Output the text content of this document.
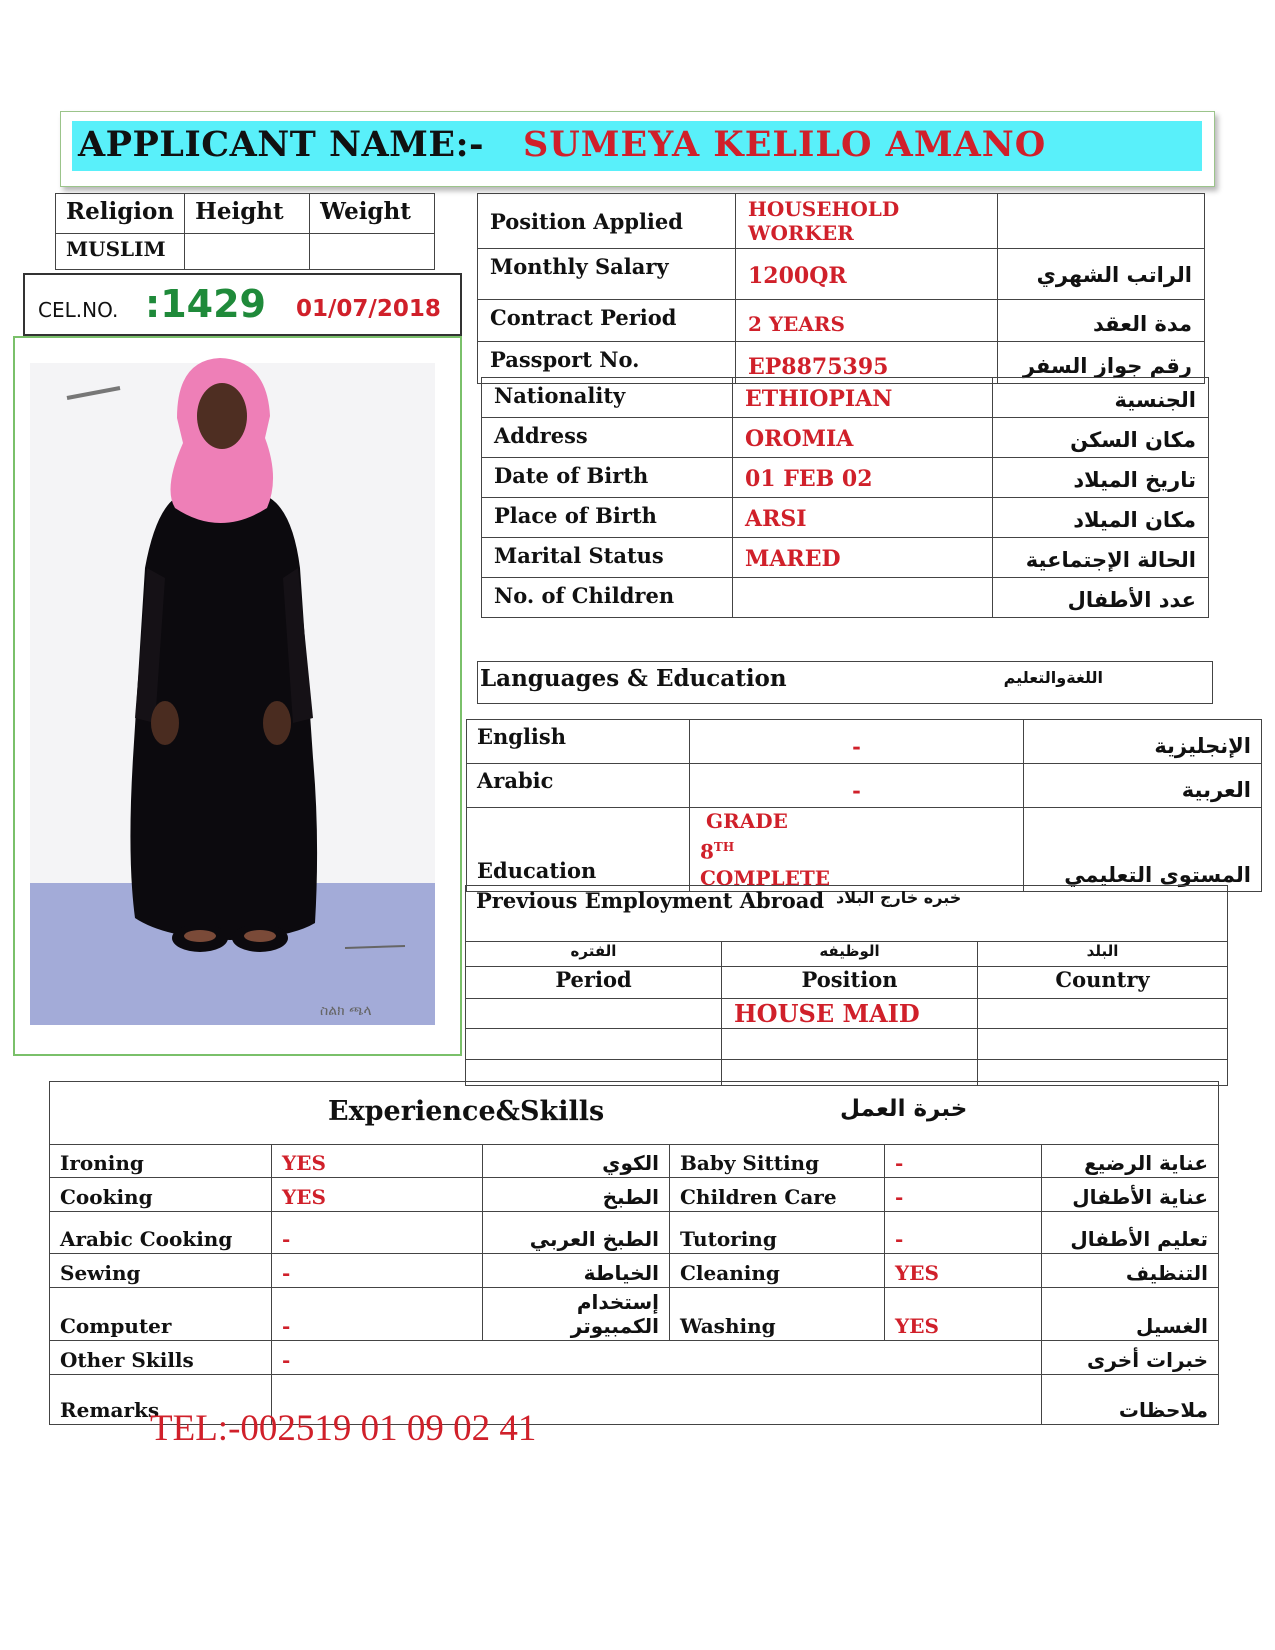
APPLICANT NAME:- SUMEYA KELILO AMANO
Religion	Height	Weight
MUSLIM		
CEL.NO. :1429 01/07/2018
ስልክ ጫላ
Position Applied	HOUSEHOLD WORKER	
Monthly Salary	1200QR	الراتب الشهري
Contract Period	2 YEARS	مدة العقد
Passport No.	EP8875395	رقم جواز السفر
Nationality	ETHIOPIAN	الجنسية
Address	OROMIA	مكان السكن
Date of Birth	01 FEB 02	تاريخ الميلاد
Place of Birth	ARSI	مكان الميلاد
Marital Status	MARED	الحالة الإجتماعية
No. of Children		عدد الأطفال
Languages & Education	اللغةوالتعليم
English	-	الإنجليزية
Arabic	-	العربية
Education	GRADE
8TH
COMPLETE	المستوى التعليمي
Previous Employment Abroad خبره خارج البلاد
الفتره	الوظيفه	البلد
Period	Position	Country
	HOUSE MAID	

Experience&Skills	خبرة العمل
Ironing	YES	الكوي	Baby Sitting	-	عناية الرضيع
Cooking	YES	الطبخ	Children Care	-	عناية الأطفال
Arabic Cooking	-	الطبخ العربي	Tutoring	-	تعليم الأطفال
Sewing	-	الخياطة	Cleaning	YES	التنظيف
Computer	-	إستخدام الكمبيوتر	Washing	YES	الغسيل
Other Skills	-				خبرات أخرى
Remarks					ملاحظات
TEL:-002519 01 09 02 41
